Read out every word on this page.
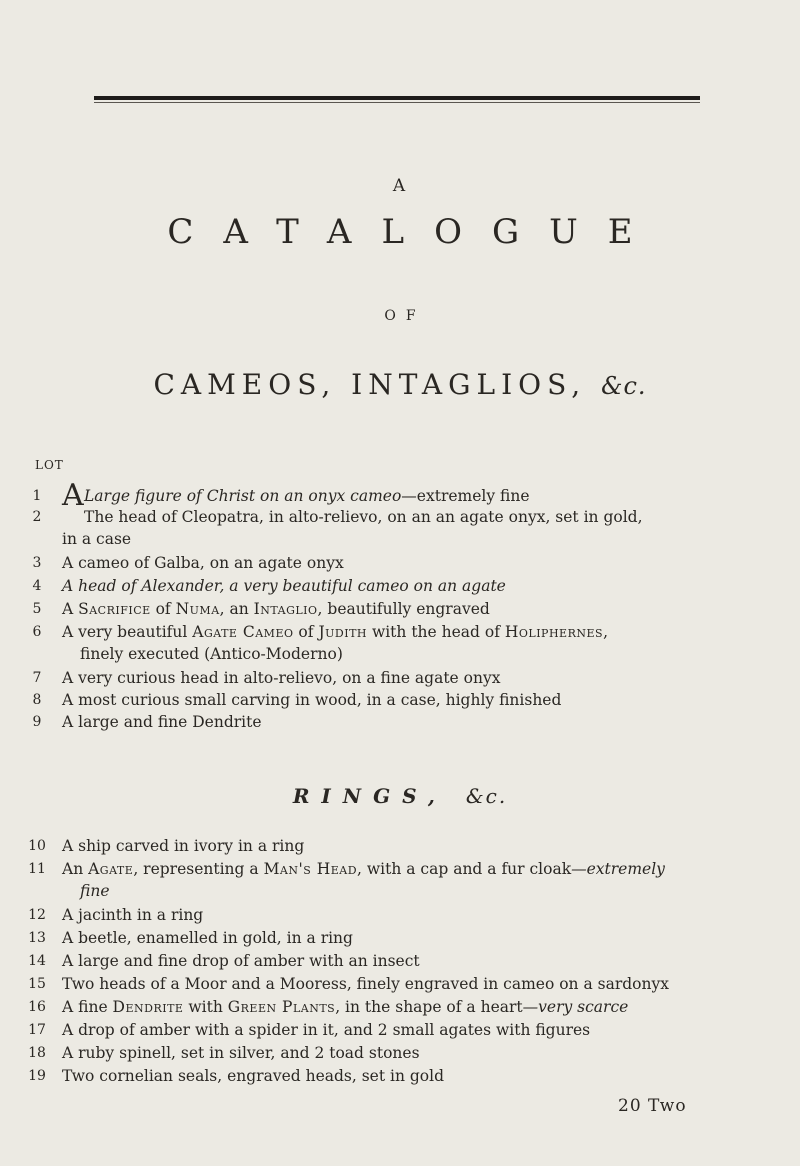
A
CATALOGUE
OF
CAMEOS, INTAGLIOS, &c.
LOT
1 A Large figure of Christ on an onyx cameo—extremely fine
2	The head of Cleopatra, in alto-relievo, on an an agate onyx, set in gold,
in a case
3	A cameo of Galba, on an agate onyx
4	A head of Alexander, a very beautiful cameo on an agate
5	A Sacrifice of Numa, an Intaglio, beautifully engraved
6	A very beautiful Agate Cameo of Judith with the head of Holiphernes,
finely executed (Antico-Moderno)
7	A very curious head in alto-relievo, on a fine agate onyx
8	A most curious small carving in wood, in a case, highly finished
9	A large and fine Dendrite
RINGS, &c.
10 A ship carved in ivory in a ring
11 An Agate, representing a Man's Head, with a cap and a fur cloak—extremely
fine
12 A jacinth in a ring
13 A beetle, enamelled in gold, in a ring
14 A large and fine drop of amber with an insect
15 Two heads of a Moor and a Mooress, finely engraved in cameo on a sardonyx
16 A fine Dendrite with Green Plants, in the shape of a heart—very scarce
17 A drop of amber with a spider in it, and 2 small agates with figures
18 A ruby spinell, set in silver, and 2 toad stones
19 Two cornelian seals, engraved heads, set in gold
20 Two
